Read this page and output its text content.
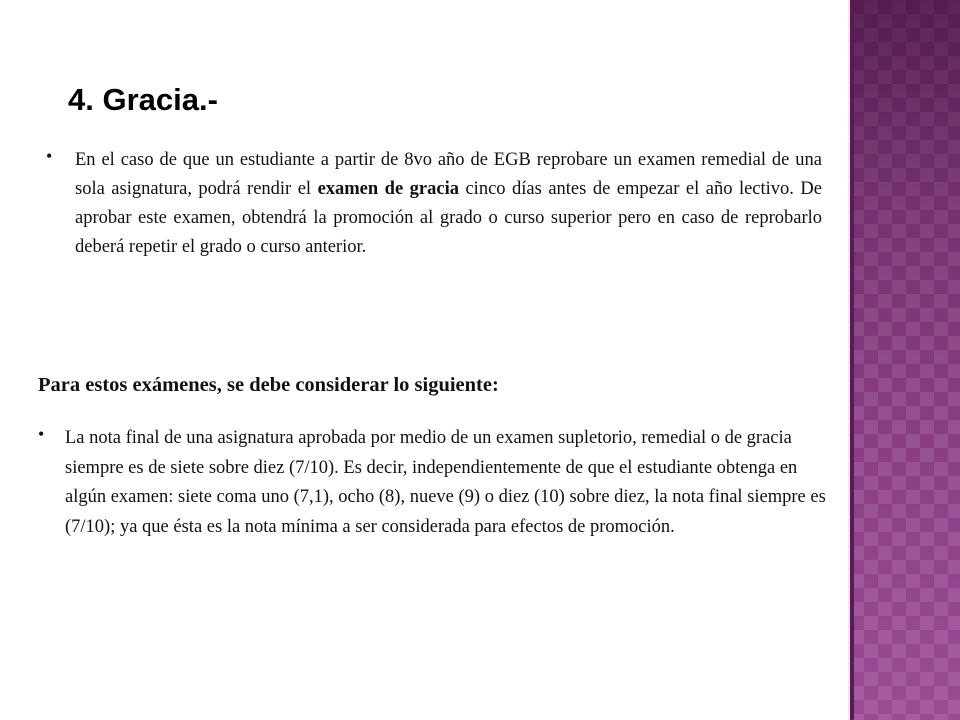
4. Gracia.-
• En el caso de que un estudiante a partir de 8vo año de EGB reprobare un examen remedial de una sola asignatura, podrá rendir el examen de gracia cinco días antes de empezar el año lectivo. De aprobar este examen, obtendrá la promoción al grado o curso superior pero en caso de reprobarlo deberá repetir el grado o curso anterior.
Para estos exámenes, se debe considerar lo siguiente:
• La nota final de una asignatura aprobada por medio de un examen supletorio, remedial o de gracia siempre es de siete sobre diez (7/10). Es decir, independientemente de que el estudiante obtenga en algún examen: siete coma uno (7,1), ocho (8), nueve (9) o diez (10) sobre diez, la nota final siempre es (7/10); ya que ésta es la nota mínima a ser considerada para efectos de promoción.
